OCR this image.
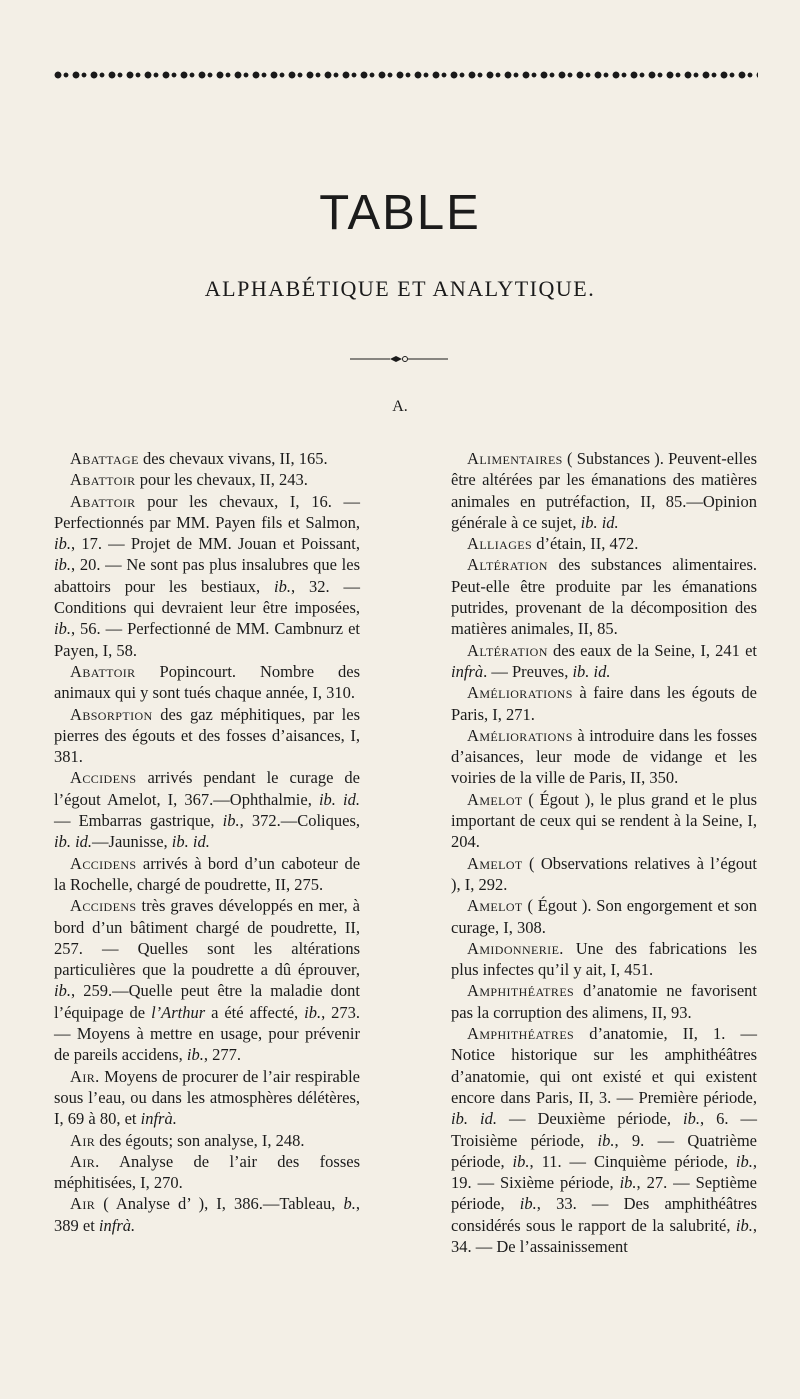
TABLE
ALPHABÉTIQUE ET ANALYTIQUE.
A.

Abattage des chevaux vivans, II, 165.

Abattoir pour les chevaux, II, 243.

Abattoir pour les chevaux, I, 16. — Perfectionnés par MM. Payen fils et Salmon, ib., 17. — Projet de MM. Jouan et Poissant, ib., 20. — Ne sont pas plus insalubres que les abattoirs pour les bestiaux, ib., 32. — Conditions qui devraient leur être imposées, ib., 56. — Perfectionné de MM. Cambnurz et Payen, I, 58.

Abattoir Popincourt. Nombre des animaux qui y sont tués chaque année, I, 310.

Absorption des gaz méphitiques, par les pierres des égouts et des fosses d’aisances, I, 381.

Accidens arrivés pendant le curage de l’égout Amelot, I, 367.—Ophthalmie, ib. id. — Embarras gastrique, ib., 372.—Coliques, ib. id.—Jaunisse, ib. id.

Accidens arrivés à bord d’un caboteur de la Rochelle, chargé de poudrette, II, 275.

Accidens très graves développés en mer, à bord d’un bâtiment chargé de poudrette, II, 257. — Quelles sont les altérations particulières que la poudrette a dû éprouver, ib., 259.—Quelle peut être la maladie dont l’équipage de l’Arthur a été affecté, ib., 273. — Moyens à mettre en usage, pour prévenir de pareils accidens, ib., 277.

Air. Moyens de procurer de l’air respirable sous l’eau, ou dans les atmosphères délétères, I, 69 à 80, et infrà.

Air des égouts; son analyse, I, 248.

Air. Analyse de l’air des fosses méphitisées, I, 270.

Air ( Analyse d’ ), I, 386.—Tableau, b., 389 et infrà.

Alimentaires ( Substances ). Peuvent-elles être altérées par les émanations des matières animales en putréfaction, II, 85.—Opinion générale à ce sujet, ib. id.

Alliages d’étain, II, 472.

Altération des substances alimentaires. Peut-elle être produite par les émanations putrides, provenant de la décomposition des matières animales, II, 85.

Altération des eaux de la Seine, I, 241 et infrà. — Preuves, ib. id.

Améliorations à faire dans les égouts de Paris, I, 271.

Améliorations à introduire dans les fosses d’aisances, leur mode de vidange et les voiries de la ville de Paris, II, 350.

Amelot ( Égout ), le plus grand et le plus important de ceux qui se rendent à la Seine, I, 204.

Amelot ( Observations relatives à l’égout ), I, 292.

Amelot ( Égout ). Son engorgement et son curage, I, 308.

Amidonnerie. Une des fabrications les plus infectes qu’il y ait, I, 451.

Amphithéatres d’anatomie ne favorisent pas la corruption des alimens, II, 93.

Amphithéatres d’anatomie, II, 1. — Notice historique sur les amphithéâtres d’anatomie, qui ont existé et qui existent encore dans Paris, II, 3. — Première période, ib. id. — Deuxième période, ib., 6. — Troisième période, ib., 9. — Quatrième période, ib., 11. — Cinquième période, ib., 19. — Sixième période, ib., 27. — Septième période, ib., 33. — Des amphithéâtres considérés sous le rapport de la salubrité, ib., 34. — De l’assainissement
